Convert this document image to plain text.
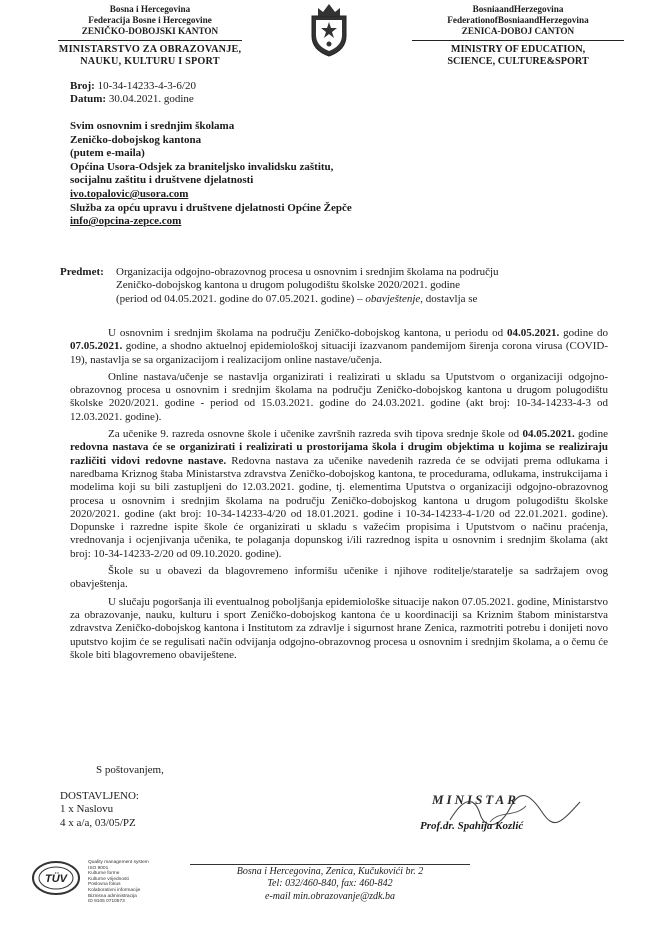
Bosna i Hercegovina
Federacija Bosne i Hercegovine
ZENIČKO-DOBOJSKI KANTON
MINISTARSTVO ZA OBRAZOVANJE,
NAUKU, KULTURU I SPORT
BosniaandHerzegovina
FederationofBosniaandHerzegovina
ZENICA-DOBOJ CANTON
MINISTRY OF EDUCATION,
SCIENCE, CULTURE&SPORT
Broj: 10-34-14233-4-3-6/20
Datum: 30.04.2021. godine
Svim osnovnim i srednjim školama
Zeničko-dobojskog kantona
(putem e-maila)
Općina Usora-Odsjek za braniteljsko invalidsku zaštitu,
socijalnu zaštitu i društvene djelatnosti
ivo.topalovic@usora.com
Služba za opću upravu i društvene djelatnosti Općine Žepče
info@opcina-zepce.com
Predmet: Organizacija odgojno-obrazovnog procesa u osnovnim i srednjim školama na području
Zeničko-dobojskog kantona u drugom polugodištu školske 2020/2021. godine
(period od 04.05.2021. godine do 07.05.2021. godine) – obavještenje, dostavlja se

U osnovnim i srednjim školama na području Zeničko-dobojskog kantona, u periodu od 04.05.2021. godine do 07.05.2021. godine, a shodno aktuelnoj epidemiološkoj situaciji izazvanom pandemijom širenja corona virusa (COVID-19), nastavlja se sa organizacijom i realizacijom online nastave/učenja.

Online nastava/učenje se nastavlja organizirati i realizirati u skladu sa Uputstvom o organizaciji odgojno-obrazovnog procesa u osnovnim i srednjim školama na području Zeničko-dobojskog kantona u drugom polugodištu školske 2020/2021. godine - period od 15.03.2021. godine do 24.03.2021. godine (akt broj: 10-34-14233-4-3 od 12.03.2021. godine).

Za učenike 9. razreda osnovne škole i učenike završnih razreda svih tipova srednje škole od 04.05.2021. godine redovna nastava će se organizirati i realizirati u prostorijama škola i drugim objektima u kojima se realiziraju različiti vidovi redovne nastave. Redovna nastava za učenike navedenih razreda će se odvijati prema odlukama i naredbama Kriznog štaba Ministarstva zdravstva Zeničko-dobojskog kantona, te procedurama, odlukama, instrukcijama i modelima koji su bili zastupljeni do 12.03.2021. godine, tj. elementima Uputstva o organizaciji odgojno-obrazovnog procesa u osnovnim i srednjim školama na području Zeničko-dobojskog kantona u drugom polugodištu školske 2020/2021. godine (akt broj: 10-34-14233-4/20 od 18.01.2021. godine i 10-34-14233-4-1/20 od 22.01.2021. godine). Dopunske i razredne ispite škole će organizirati u skladu s važećim propisima i Uputstvom o načinu praćenja, vrednovanja i ocjenjivanja učenika, te polaganja dopunskog i/ili razrednog ispita u osnovnim i srednjim školama (akt broj: 10-34-14233-2/20 od 09.10.2020. godine).

Škole su u obavezi da blagovremeno informišu učenike i njihove roditelje/staratelje sa sadržajem ovog obavještenja.

U slučaju pogoršanja ili eventualnog poboljšanja epidemiološke situacije nakon 07.05.2021. godine, Ministarstvo za obrazovanje, nauku, kulturu i sport Zeničko-dobojskog kantona će u koordinaciji sa Kriznim štabom ministarstva zdravstva Zeničko-dobojskog kantona i Institutom za zdravlje i sigurnost hrane Zenica, razmotriti potrebu i donijeti novo uputstvo kojim će se regulisati način odvijanja odgojno-obrazovnog procesa u osnovnim i srednjim školama, a o čemu će škole biti blagovremeno obaviještene.

S poštovanjem,
DOSTAVLJENO:
1 x Naslovu
4 x a/a, 03/05/PZ
MINISTAR
Prof.dr. Spahija Kozlić
TÜV
Quality management system
ISO 9001
Kulturne forme
Kulturne vrijednosti
Poslovna fokus
Kolaborativni informacije
Biznisna administracija
ID 9105 0710573
Bosna i Hercegovina, Zenica, Kučukovići br. 2
Tel: 032/460-840, fax: 460-842
e-mail min.obrazovanje@zdk.ba
